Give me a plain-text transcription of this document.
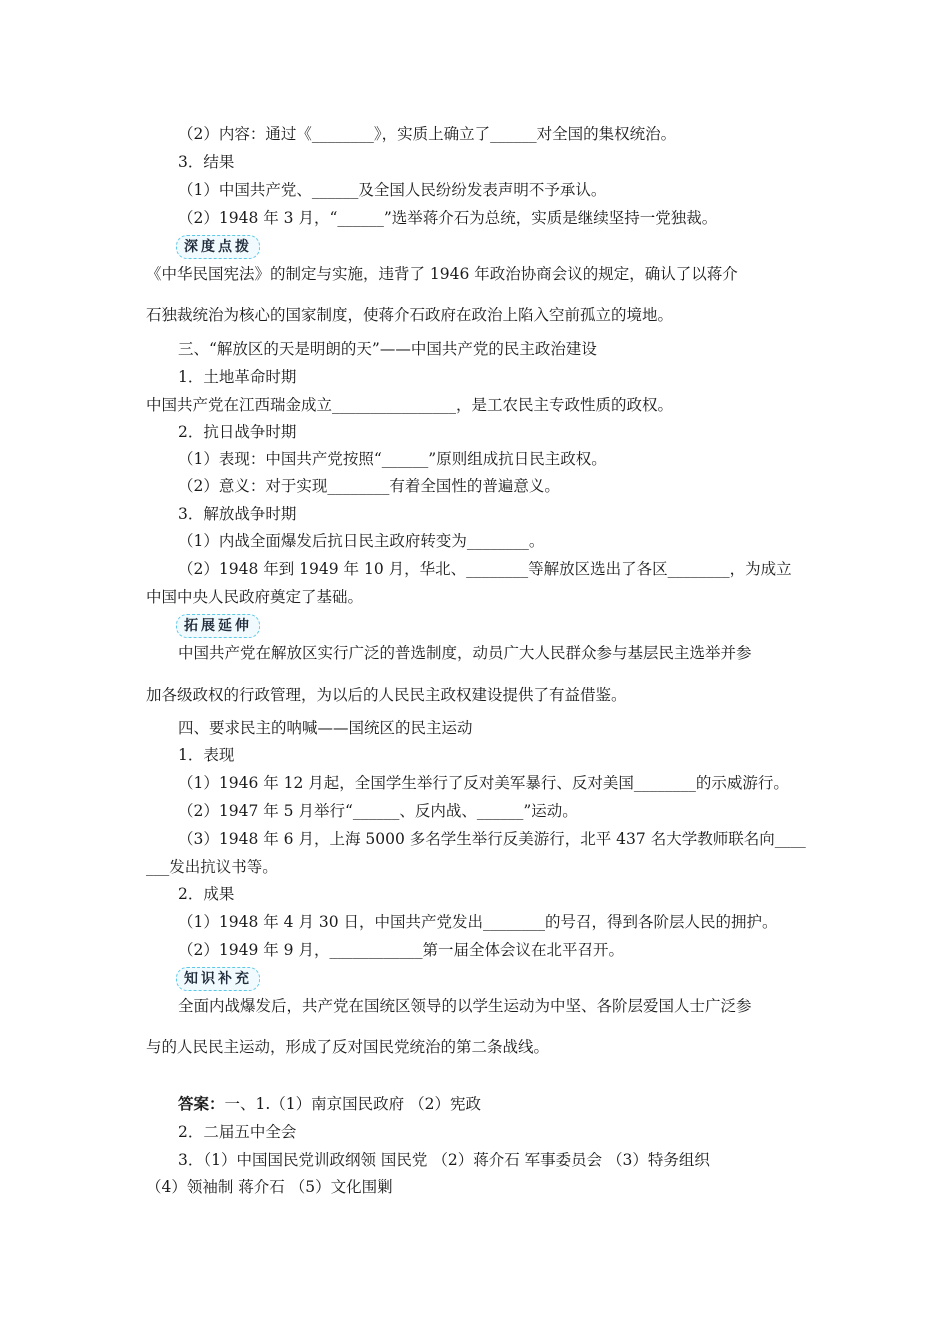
（2）内容：通过《________》，实质上确立了______对全国的集权统治。
3．结果
（1）中国共产党、______及全国人民纷纷发表声明不予承认。
（2）1948 年 3 月，“______”选举蒋介石为总统，实质是继续坚持一党独裁。
深度点拨
《中华民国宪法》的制定与实施，违背了 1946 年政治协商会议的规定，确认了以蒋介
石独裁统治为核心的国家制度，使蒋介石政府在政治上陷入空前孤立的境地。
三、“解放区的天是明朗的天”——中国共产党的民主政治建设
1．土地革命时期
中国共产党在江西瑞金成立________________，是工农民主专政性质的政权。
2．抗日战争时期
（1）表现：中国共产党按照“______”原则组成抗日民主政权。
（2）意义：对于实现________有着全国性的普遍意义。
3．解放战争时期
（1）内战全面爆发后抗日民主政府转变为________。
（2）1948 年到 1949 年 10 月，华北、________等解放区选出了各区________，为成立
中国中央人民政府奠定了基础。
拓展延伸
中国共产党在解放区实行广泛的普选制度，动员广大人民群众参与基层民主选举并参
加各级政权的行政管理，为以后的人民民主政权建设提供了有益借鉴。
四、要求民主的呐喊——国统区的民主运动
1．表现
（1）1946 年 12 月起，全国学生举行了反对美军暴行、反对美国________的示威游行。
（2）1947 年 5 月举行“______、反内战、______”运动。
（3）1948 年 6 月，上海 5000 多名学生举行反美游行，北平 437 名大学教师联名向____
___发出抗议书等。
2．成果
（1）1948 年 4 月 30 日，中国共产党发出________的号召，得到各阶层人民的拥护。
（2）1949 年 9 月，____________第一届全体会议在北平召开。
知识补充
全面内战爆发后，共产党在国统区领导的以学生运动为中坚、各阶层爱国人士广泛参
与的人民民主运动，形成了反对国民党统治的第二条战线。
答案：一、1.（1）南京国民政府 （2）宪政
2．二届五中全会
3．（1）中国国民党训政纲领 国民党 （2）蒋介石 军事委员会 （3）特务组织
（4）领袖制 蒋介石 （5）文化围剿
